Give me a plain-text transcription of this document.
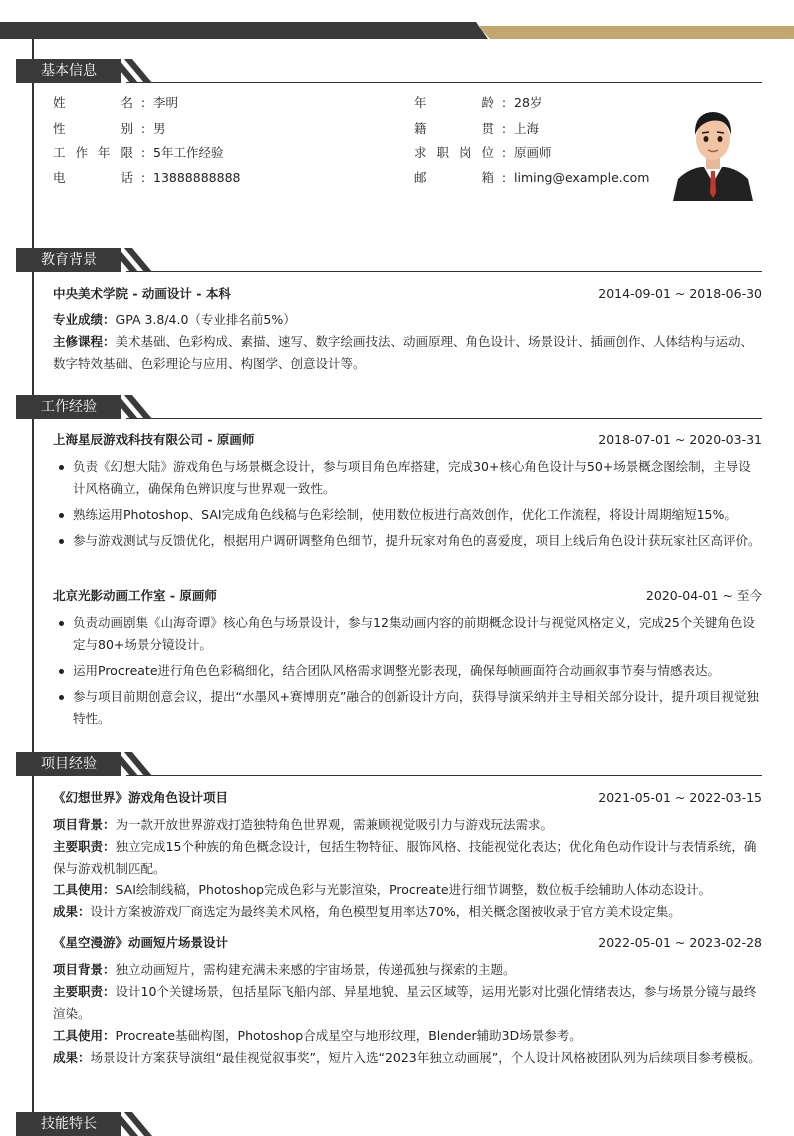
基本信息
姓名 : 李明	年龄 : 28岁
性别 : 男	籍贯 : 上海
工作年限 : 5年工作经验	求职岗位 : 原画师
电话 : 13888888888	邮箱 : liming@example.com
教育背景
中央美术学院 - 动画设计 - 本科	2014-09-01 ~ 2018-06-30
专业成绩：GPA 3.8/4.0（专业排名前5%）
主修课程：美术基础、色彩构成、素描、速写、数字绘画技法、动画原理、角色设计、场景设计、插画创作、人体结构与运动、数字特效基础、色彩理论与应用、构图学、创意设计等。
工作经验
上海星辰游戏科技有限公司 - 原画师	2018-07-01 ~ 2020-03-31
负责《幻想大陆》游戏角色与场景概念设计，参与项目角色库搭建，完成30+核心角色设计与50+场景概念图绘制，主导设计风格确立，确保角色辨识度与世界观一致性。
熟练运用Photoshop、SAI完成角色线稿与色彩绘制，使用数位板进行高效创作，优化工作流程，将设计周期缩短15%。
参与游戏测试与反馈优化，根据用户调研调整角色细节，提升玩家对角色的喜爱度，项目上线后角色设计获玩家社区高评价。
北京光影动画工作室 - 原画师	2020-04-01 ~ 至今
负责动画剧集《山海奇谭》核心角色与场景设计，参与12集动画内容的前期概念设计与视觉风格定义，完成25个关键角色设定与80+场景分镜设计。
运用Procreate进行角色色彩稿细化，结合团队风格需求调整光影表现，确保每帧画面符合动画叙事节奏与情感表达。
参与项目前期创意会议，提出“水墨风+赛博朋克”融合的创新设计方向，获得导演采纳并主导相关部分设计，提升项目视觉独特性。
项目经验
《幻想世界》游戏角色设计项目	2021-05-01 ~ 2022-03-15
项目背景：为一款开放世界游戏打造独特角色世界观，需兼顾视觉吸引力与游戏玩法需求。
主要职责：独立完成15个种族的角色概念设计，包括生物特征、服饰风格、技能视觉化表达；优化角色动作设计与表情系统，确保与游戏机制匹配。
工具使用：SAI绘制线稿，Photoshop完成色彩与光影渲染，Procreate进行细节调整，数位板手绘辅助人体动态设计。
成果：设计方案被游戏厂商选定为最终美术风格，角色模型复用率达70%，相关概念图被收录于官方美术设定集。
《星空漫游》动画短片场景设计	2022-05-01 ~ 2023-02-28
项目背景：独立动画短片，需构建充满未来感的宇宙场景，传递孤独与探索的主题。
主要职责：设计10个关键场景，包括星际飞船内部、异星地貌、星云区域等，运用光影对比强化情绪表达，参与场景分镜与最终渲染。
工具使用：Procreate基础构图，Photoshop合成星空与地形纹理，Blender辅助3D场景参考。
成果：场景设计方案获导演组“最佳视觉叙事奖”，短片入选“2023年独立动画展”，个人设计风格被团队列为后续项目参考模板。
技能特长
